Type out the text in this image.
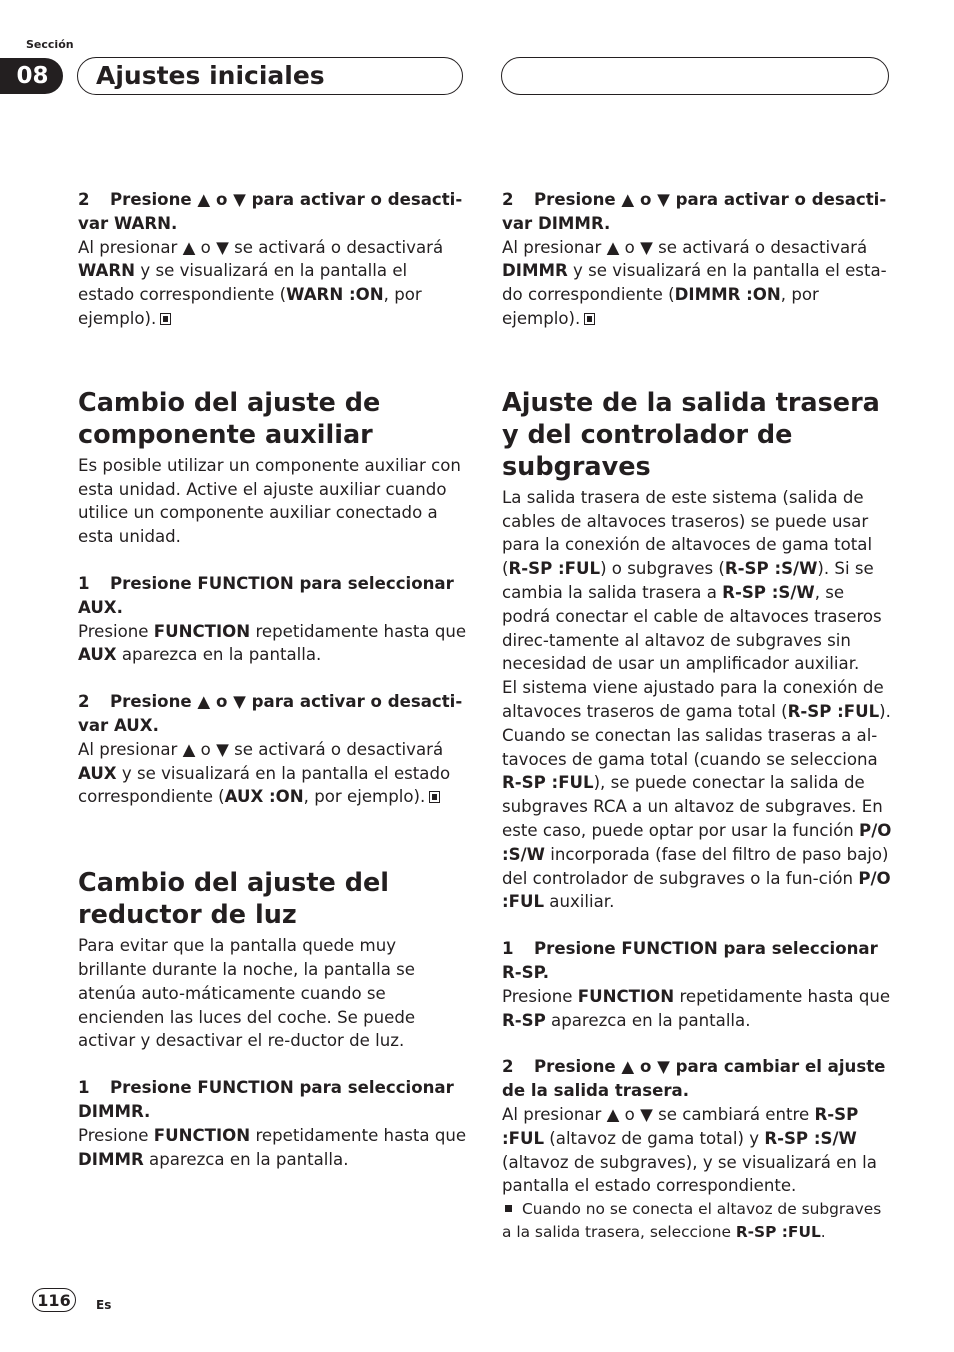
Sección
08	Ajustes iniciales

2 Presione ▲ o ▼ para activar o desacti-var WARN.

Al presionar ▲ o ▼ se activará o desactivará WARN y se visualizará en la pantalla el estado correspondiente (WARN :ON, por ejemplo).

Cambio del ajuste de componente auxiliar

Es posible utilizar un componente auxiliar con esta unidad. Active el ajuste auxiliar cuando utilice un componente auxiliar conectado a esta unidad.

1 Presione FUNCTION para seleccionar AUX.

Presione FUNCTION repetidamente hasta que AUX aparezca en la pantalla.

2 Presione ▲ o ▼ para activar o desacti-var AUX.

Al presionar ▲ o ▼ se activará o desactivará AUX y se visualizará en la pantalla el estado correspondiente (AUX :ON, por ejemplo).

Cambio del ajuste del reductor de luz

Para evitar que la pantalla quede muy brillante durante la noche, la pantalla se atenúa auto-máticamente cuando se encienden las luces del coche. Se puede activar y desactivar el re-ductor de luz.

1 Presione FUNCTION para seleccionar DIMMR.

Presione FUNCTION repetidamente hasta que DIMMR aparezca en la pantalla.

2 Presione ▲ o ▼ para activar o desacti-var DIMMR.

Al presionar ▲ o ▼ se activará o desactivará DIMMR y se visualizará en la pantalla el esta-do correspondiente (DIMMR :ON, por ejemplo).

Ajuste de la salida trasera y del controlador de subgraves

La salida trasera de este sistema (salida de cables de altavoces traseros) se puede usar para la conexión de altavoces de gama total (R-SP :FUL) o subgraves (R-SP :S/W). Si se cambia la salida trasera a R-SP :S/W, se podrá conectar el cable de altavoces traseros direc-tamente al altavoz de subgraves sin necesidad de usar un amplificador auxiliar.

El sistema viene ajustado para la conexión de altavoces traseros de gama total (R-SP :FUL). Cuando se conectan las salidas traseras a al-tavoces de gama total (cuando se selecciona R-SP :FUL), se puede conectar la salida de subgraves RCA a un altavoz de subgraves. En este caso, puede optar por usar la función P/O :S/W incorporada (fase del filtro de paso bajo) del controlador de subgraves o la fun-ción P/O :FUL auxiliar.

1 Presione FUNCTION para seleccionar R-SP.

Presione FUNCTION repetidamente hasta que R-SP aparezca en la pantalla.

2 Presione ▲ o ▼ para cambiar el ajuste de la salida trasera.

Al presionar ▲ o ▼ se cambiará entre R-SP :FUL (altavoz de gama total) y R-SP :S/W (altavoz de subgraves), y se visualizará en la pantalla el estado correspondiente.

Cuando no se conecta el altavoz de subgraves a la salida trasera, seleccione R-SP :FUL.

116	Es
